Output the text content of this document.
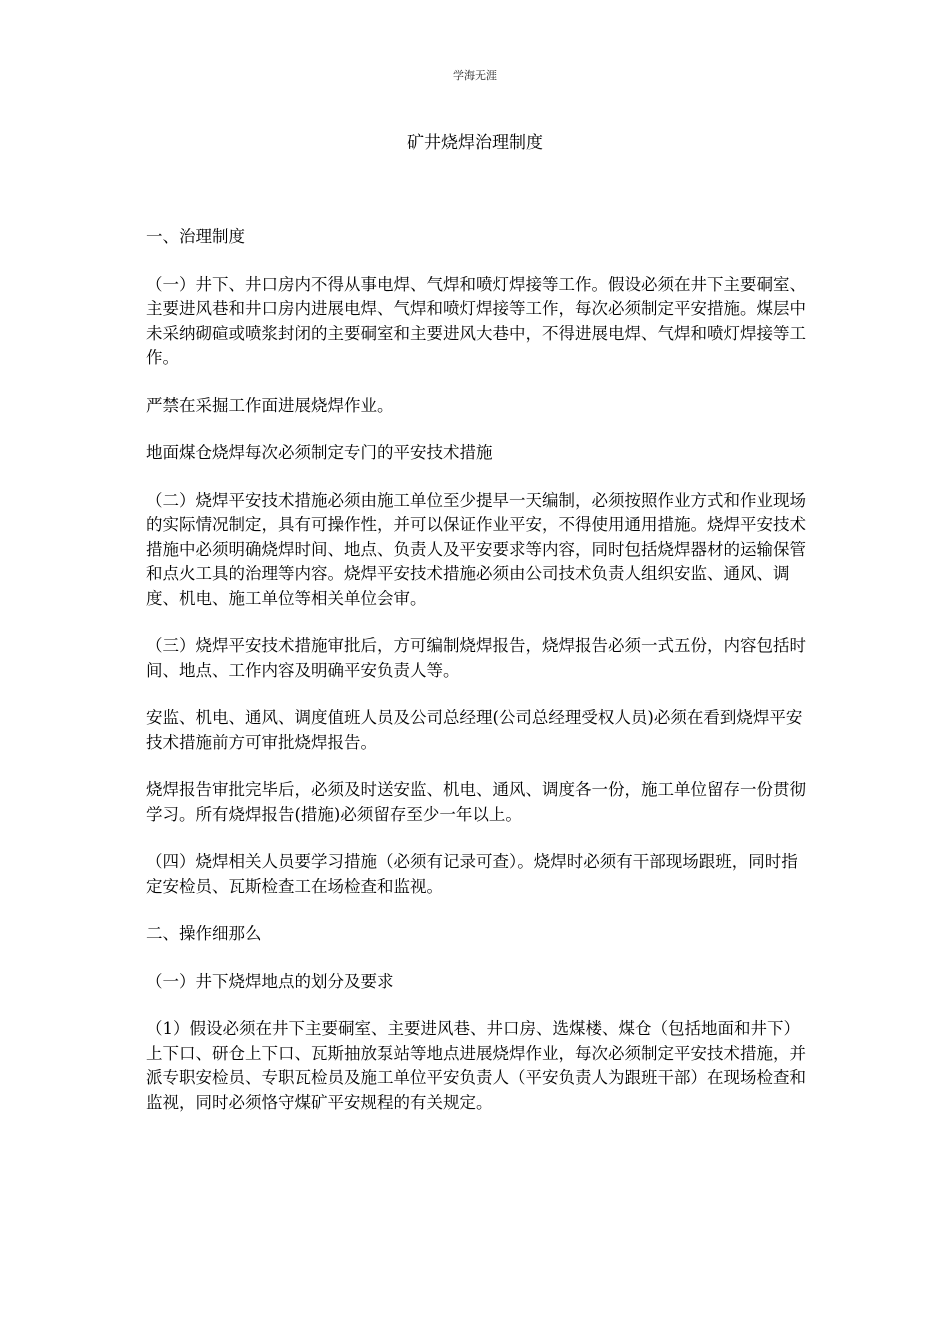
学海无涯
矿井烧焊治理制度

一、治理制度

（一）井下、井口房内不得从事电焊、气焊和喷灯焊接等工作。假设必须在井下主要硐室、主要进风巷和井口房内进展电焊、气焊和喷灯焊接等工作，每次必须制定平安措施。煤层中未采纳砌碹或喷浆封闭的主要硐室和主要进风大巷中，不得进展电焊、气焊和喷灯焊接等工作。

严禁在采掘工作面进展烧焊作业。

地面煤仓烧焊每次必须制定专门的平安技术措施

（二）烧焊平安技术措施必须由施工单位至少提早一天编制，必须按照作业方式和作业现场的实际情况制定，具有可操作性，并可以保证作业平安，不得使用通用措施。烧焊平安技术措施中必须明确烧焊时间、地点、负责人及平安要求等内容，同时包括烧焊器材的运输保管和点火工具的治理等内容。烧焊平安技术措施必须由公司技术负责人组织安监、通风、调度、机电、施工单位等相关单位会审。

（三）烧焊平安技术措施审批后，方可编制烧焊报告，烧焊报告必须一式五份，内容包括时间、地点、工作内容及明确平安负责人等。

安监、机电、通风、调度值班人员及公司总经理(公司总经理受权人员)必须在看到烧焊平安技术措施前方可审批烧焊报告。

烧焊报告审批完毕后，必须及时送安监、机电、通风、调度各一份，施工单位留存一份贯彻学习。所有烧焊报告(措施)必须留存至少一年以上。

（四）烧焊相关人员要学习措施（必须有记录可查）。烧焊时必须有干部现场跟班，同时指定安检员、瓦斯检查工在场检查和监视。

二、操作细那么

（一）井下烧焊地点的划分及要求

（1）假设必须在井下主要硐室、主要进风巷、井口房、选煤楼、煤仓（包括地面和井下）上下口、研仓上下口、瓦斯抽放泵站等地点进展烧焊作业，每次必须制定平安技术措施，并派专职安检员、专职瓦检员及施工单位平安负责人（平安负责人为跟班干部）在现场检查和监视，同时必须恪守煤矿平安规程的有关规定。
